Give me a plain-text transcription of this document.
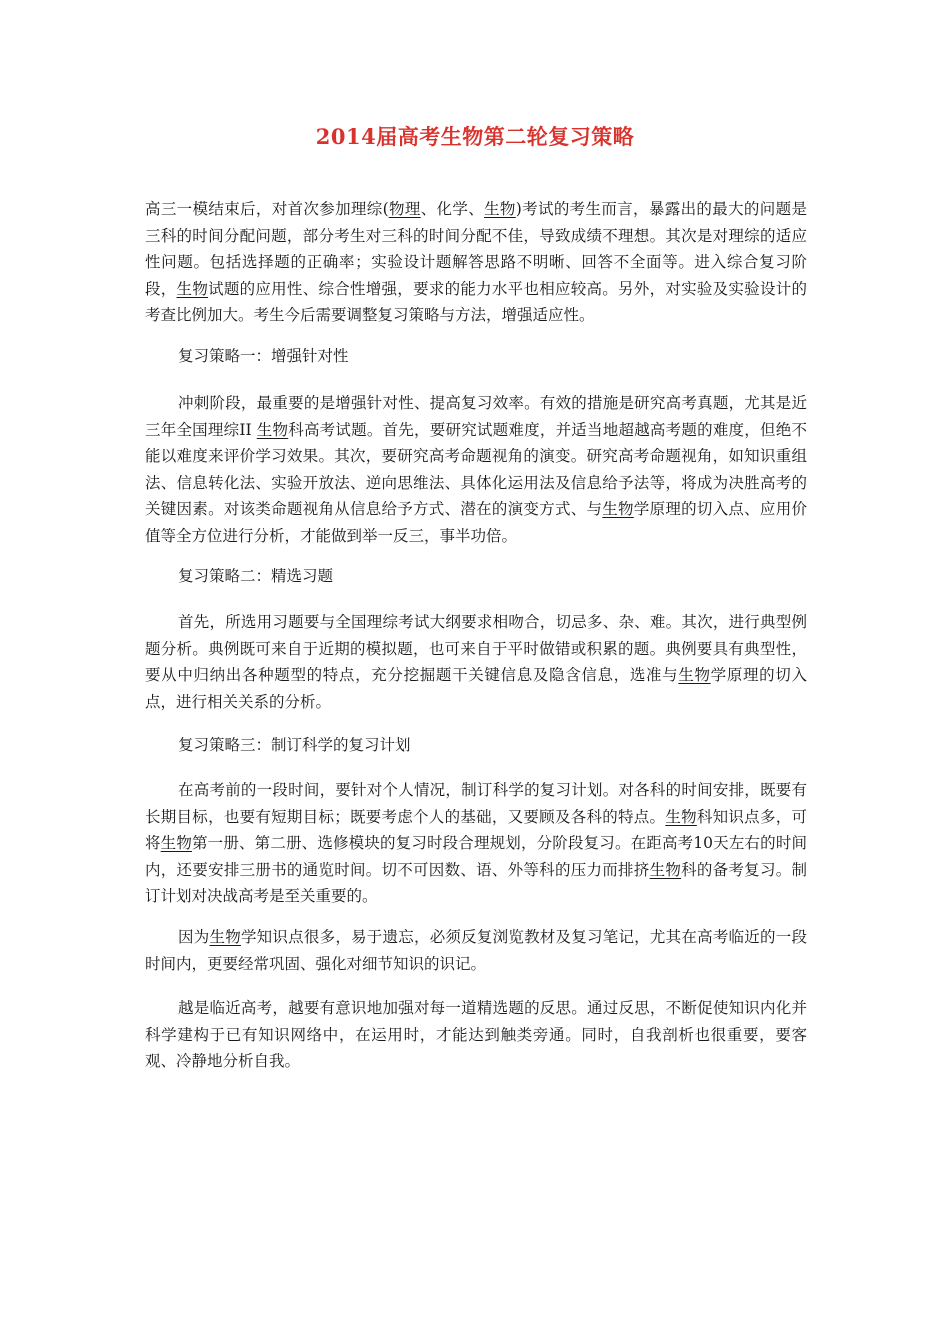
2014届高考生物第二轮复习策略

高三一模结束后，对首次参加理综(物理、化学、生物)考试的考生而言，暴露出的最大的问题是三科的时间分配问题，部分考生对三科的时间分配不佳，导致成绩不理想。其次是对理综的适应性问题。包括选择题的正确率；实验设计题解答思路不明晰、回答不全面等。进入综合复习阶段，生物试题的应用性、综合性增强，要求的能力水平也相应较高。另外，对实验及实验设计的考查比例加大。考生今后需要调整复习策略与方法，增强适应性。

复习策略一：增强针对性

冲刺阶段，最重要的是增强针对性、提高复习效率。有效的措施是研究高考真题，尤其是近三年全国理综II 生物科高考试题。首先，要研究试题难度，并适当地超越高考题的难度，但绝不能以难度来评价学习效果。其次，要研究高考命题视角的演变。研究高考命题视角，如知识重组法、信息转化法、实验开放法、逆向思维法、具体化运用法及信息给予法等，将成为决胜高考的关键因素。对该类命题视角从信息给予方式、潜在的演变方式、与生物学原理的切入点、应用价值等全方位进行分析，才能做到举一反三，事半功倍。

复习策略二：精选习题

首先，所选用习题要与全国理综考试大纲要求相吻合，切忌多、杂、难。其次，进行典型例题分析。典例既可来自于近期的模拟题，也可来自于平时做错或积累的题。典例要具有典型性，要从中归纳出各种题型的特点，充分挖掘题干关键信息及隐含信息，选准与生物学原理的切入点，进行相关关系的分析。

复习策略三：制订科学的复习计划

在高考前的一段时间，要针对个人情况，制订科学的复习计划。对各科的时间安排，既要有长期目标，也要有短期目标；既要考虑个人的基础，又要顾及各科的特点。生物科知识点多，可将生物第一册、第二册、选修模块的复习时段合理规划，分阶段复习。在距高考10天左右的时间内，还要安排三册书的通览时间。切不可因数、语、外等科的压力而排挤生物科的备考复习。制订计划对决战高考是至关重要的。

因为生物学知识点很多，易于遗忘，必须反复浏览教材及复习笔记，尤其在高考临近的一段时间内，更要经常巩固、强化对细节知识的识记。

越是临近高考，越要有意识地加强对每一道精选题的反思。通过反思，不断促使知识内化并科学建构于已有知识网络中，在运用时，才能达到触类旁通。同时，自我剖析也很重要，要客观、冷静地分析自我。
